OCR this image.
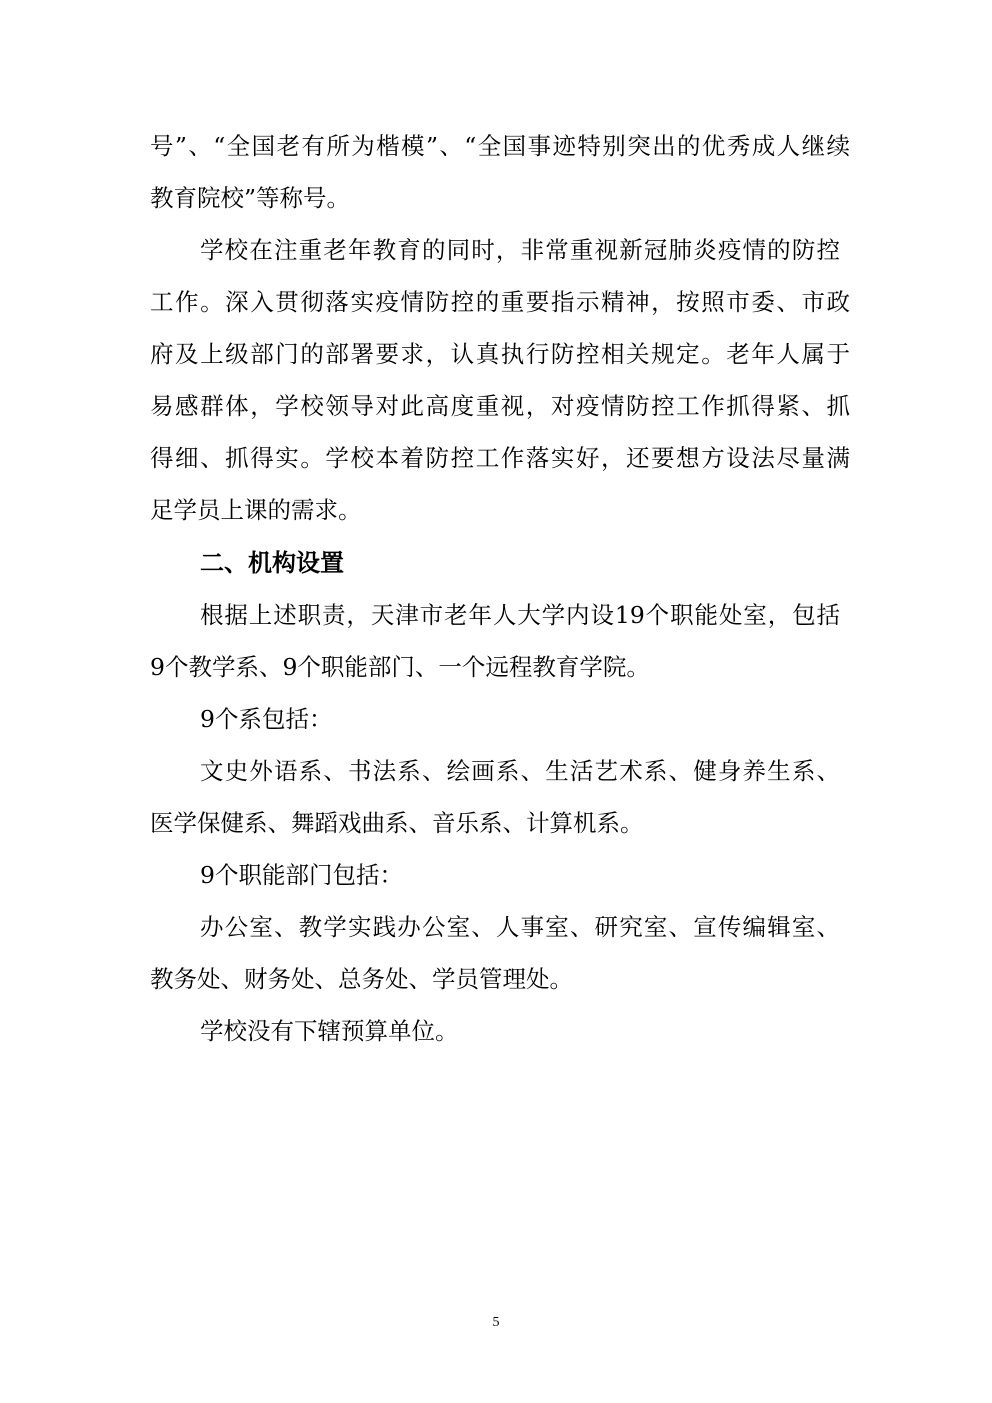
号”、“全国老有所为楷模”、“全国事迹特别突出的优秀成人继续
教育院校”等称号。
学校在注重老年教育的同时，非常重视新冠肺炎疫情的防控
工作。深入贯彻落实疫情防控的重要指示精神，按照市委、市政
府及上级部门的部署要求，认真执行防控相关规定。老年人属于
易感群体，学校领导对此高度重视，对疫情防控工作抓得紧、抓
得细、抓得实。学校本着防控工作落实好，还要想方设法尽量满
足学员上课的需求。
二、机构设置
根据上述职责，天津市老年人大学内设19个职能处室，包括
9个教学系、9个职能部门、一个远程教育学院。
9个系包括：
文史外语系、书法系、绘画系、生活艺术系、健身养生系、
医学保健系、舞蹈戏曲系、音乐系、计算机系。
9个职能部门包括：
办公室、教学实践办公室、人事室、研究室、宣传编辑室、
教务处、财务处、总务处、学员管理处。
学校没有下辖预算单位。
5
